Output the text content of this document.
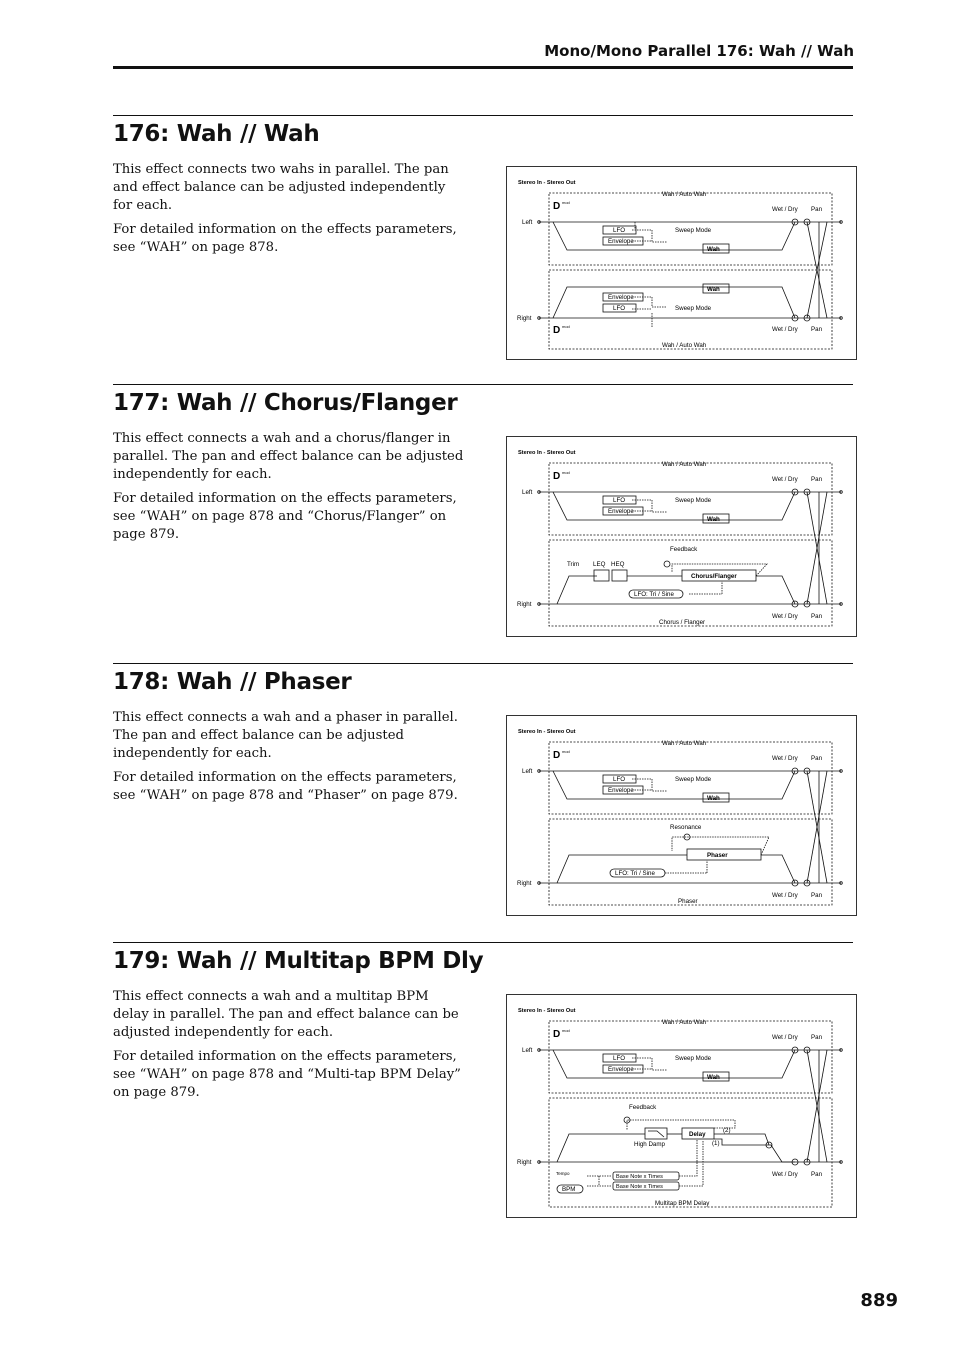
Mono/Mono Parallel 176: Wah // Wah
176: Wah // Wah

This effect connects two wahs in parallel. The pan and effect balance can be adjusted independently for each.

For detailed information on the effects parameters, see “WAH” on page 878.

Stereo In - Stereo Out
Left
Right
Wah / Auto Wah
Wah / Auto Wah
Wet / Dry Pan
Wet / Dry Pan
D mod
D mod
LFO
Envelope
Sweep Mode
Wah
Envelope
LFO	Sweep Mode
Wah
177: Wah // Chorus/Flanger

This effect connects a wah and a chorus/flanger in parallel. The pan and effect balance can be adjusted independently for each.

For detailed information on the effects parameters, see “WAH” on page 878 and “Chorus/Flanger” on page 879.

Stereo In - Stereo Out
Left
Right
Wah / Auto Wah
Chorus / Flanger
Wet / Dry Pan
Wet / Dry Pan
D mod
LFO
Envelope
Sweep Mode
Wah
Feedback
Trim LEQ HEQ
Chorus/Flanger
LFO: Tri / Sine
178: Wah // Phaser

This effect connects a wah and a phaser in parallel. The pan and effect balance can be adjusted independently for each.

For detailed information on the effects parameters, see “WAH” on page 878 and “Phaser” on page 879.

Stereo In - Stereo Out
Left
Right
Wah / Auto Wah
Phaser
Wet / Dry Pan
Wet / Dry Pan
D mod
LFO
Envelope
Sweep Mode
Wah
Resonance
Phaser
LFO: Tri / Sine
179: Wah // Multitap BPM Dly

This effect connects a wah and a multitap BPM delay in parallel. The pan and effect balance can be adjusted independently for each.

For detailed information on the effects parameters, see “WAH” on page 878 and “Multi-tap BPM Delay” on page 879.

Stereo In - Stereo Out
Left
Right
Wah / Auto Wah
Multitap BPM Delay
Wet / Dry Pan
Wet / Dry Pan
D mod
LFO
Envelope
Sweep Mode
Wah
Feedback
High Damp
Delay
(2)
(1)
Tempo
BPM
Base Note x Times
Base Note x Times
889
